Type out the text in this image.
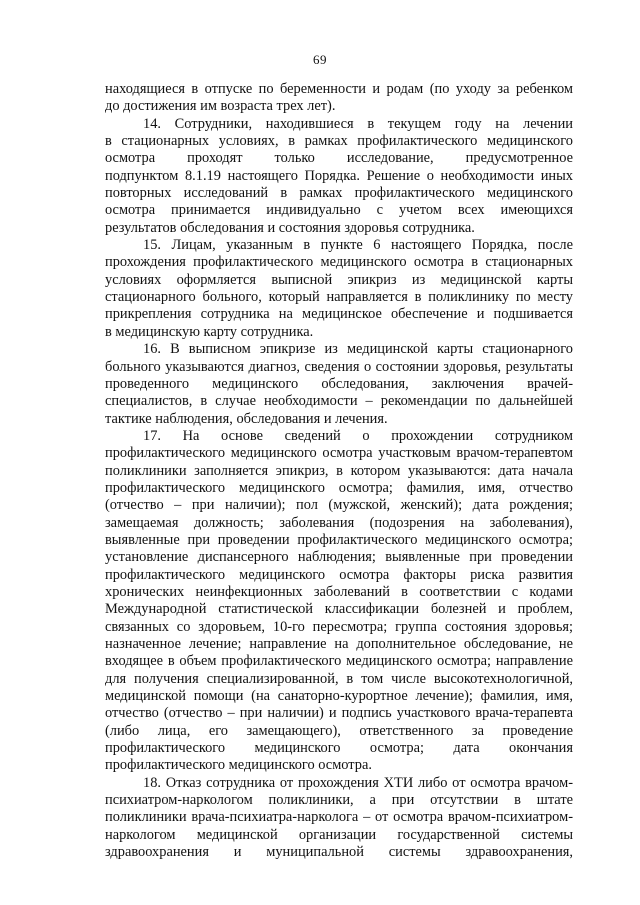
69
находящиеся в отпуске по беременности и родам (по уходу за ребенком
до достижения им возраста трех лет).
14. Сотрудники, находившиеся в текущем году на лечении
в стационарных условиях, в рамках профилактического медицинского
осмотра проходят только исследование, предусмотренное
подпунктом 8.1.19 настоящего Порядка. Решение о необходимости иных
повторных исследований в рамках профилактического медицинского
осмотра принимается индивидуально с учетом всех имеющихся
результатов обследования и состояния здоровья сотрудника.
15. Лицам, указанным в пункте 6 настоящего Порядка, после
прохождения профилактического медицинского осмотра в стационарных
условиях оформляется выписной эпикриз из медицинской карты
стационарного больного, который направляется в поликлинику по месту
прикрепления сотрудника на медицинское обеспечение и подшивается
в медицинскую карту сотрудника.
16. В выписном эпикризе из медицинской карты стационарного
больного указываются диагноз, сведения о состоянии здоровья, результаты
проведенного медицинского обследования, заключения врачей-
специалистов, в случае необходимости – рекомендации по дальнейшей
тактике наблюдения, обследования и лечения.
17. На основе сведений о прохождении сотрудником
профилактического медицинского осмотра участковым врачом-терапевтом
поликлиники заполняется эпикриз, в котором указываются: дата начала
профилактического медицинского осмотра; фамилия, имя, отчество
(отчество – при наличии); пол (мужской, женский); дата рождения;
замещаемая должность; заболевания (подозрения на заболевания),
выявленные при проведении профилактического медицинского осмотра;
установление диспансерного наблюдения; выявленные при проведении
профилактического медицинского осмотра факторы риска развития
хронических неинфекционных заболеваний в соответствии с кодами
Международной статистической классификации болезней и проблем,
связанных со здоровьем, 10-го пересмотра; группа состояния здоровья;
назначенное лечение; направление на дополнительное обследование, не
входящее в объем профилактического медицинского осмотра; направление
для получения специализированной, в том числе высокотехнологичной,
медицинской помощи (на санаторно-курортное лечение); фамилия, имя,
отчество (отчество – при наличии) и подпись участкового врача-терапевта
(либо лица, его замещающего), ответственного за проведение
профилактического медицинского осмотра; дата окончания
профилактического медицинского осмотра.
18. Отказ сотрудника от прохождения ХТИ либо от осмотра врачом-
психиатром-наркологом поликлиники, а при отсутствии в штате
поликлиники врача-психиатра-нарколога – от осмотра врачом-психиатром-
наркологом медицинской организации государственной системы
здравоохранения и муниципальной системы здравоохранения,
